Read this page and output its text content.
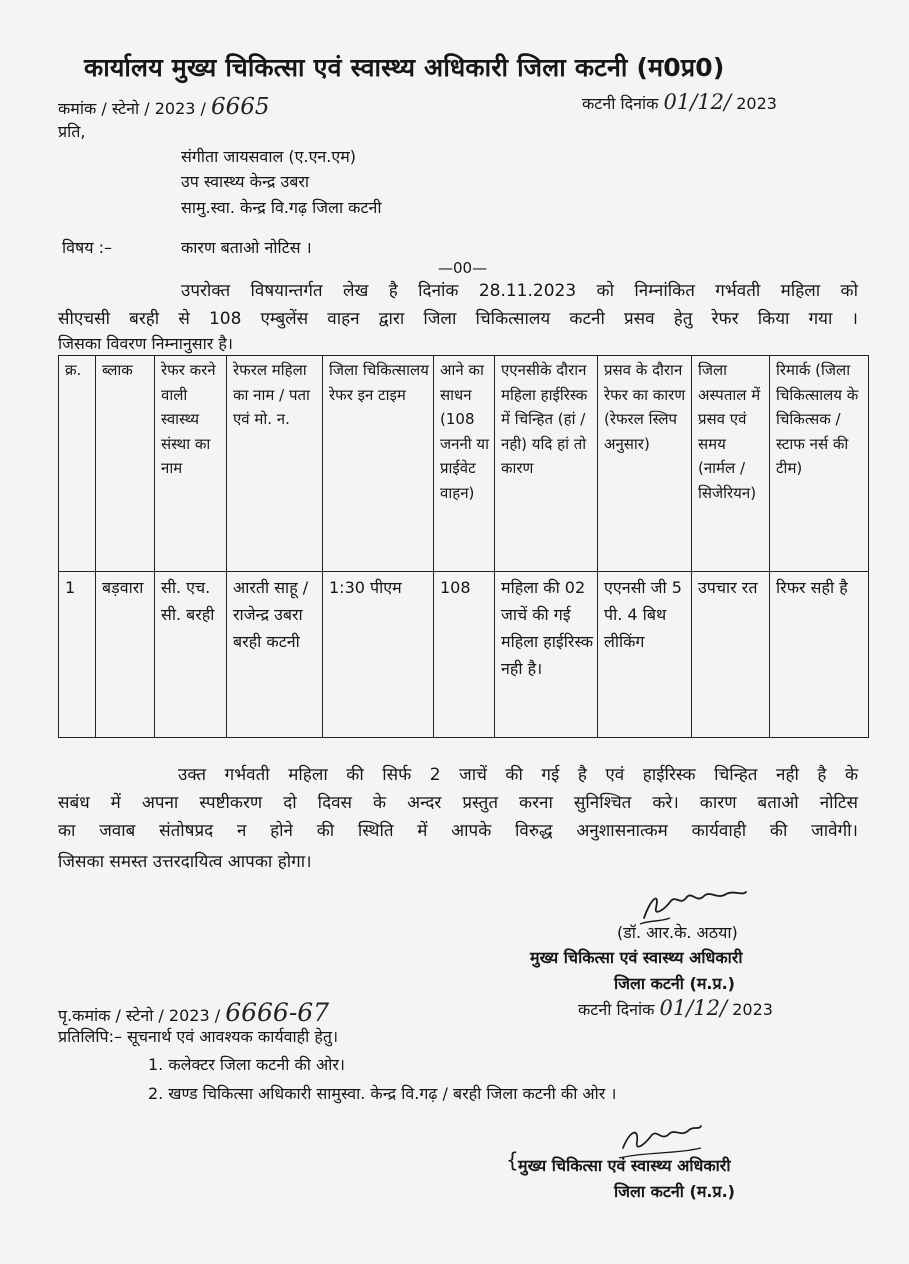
कार्यालय मुख्य चिकित्सा एवं स्वास्थ्य अधिकारी जिला कटनी (म0प्र0)
कमांक / स्टेनो / 2023 / 6665	कटनी दिनांक 01/12/ 2023
प्रति,
संगीता जायसवाल (ए.एन.एम)
उप स्वास्थ्य केन्द्र उबरा
सामु.स्वा. केन्द्र वि.गढ़ जिला कटनी
विषय :–	कारण बताओ नोटिस ।
—00—
उपरोक्त विषयान्तर्गत लेख है दिनांक 28.11.2023 को निम्नांकित गर्भवती महिला को
सीएचसी बरही से 108 एम्बुलेंस वाहन द्वारा जिला चिकित्सालय कटनी प्रसव हेतु रेफर किया गया ।
जिसका विवरण निम्नानुसार है।
क्र.	ब्लाक	रेफर करने वाली स्वास्थ्य संस्था का नाम	रेफरल महिला का नाम / पता एवं मो. न.	जिला चिकित्सालय रेफर इन टाइम	आने का साधन (108 जननी या प्राईवेट वाहन)	एएनसीके दौरान महिला हाईरिस्क में चिन्हित (हां / नही) यदि हां तो कारण	प्रसव के दौरान रेफर का कारण (रेफरल स्लिप अनुसार)	जिला अस्पताल में प्रसव एवं समय (नार्मल / सिजेरियन)	रिमार्क (जिला चिकित्सालय के चिकित्सक / स्टाफ नर्स की टीम)
1	बड़वारा	सी. एच. सी. बरही	आरती साहू / राजेन्द्र उबरा बरही कटनी	1:30 पीएम	108	महिला की 02 जाचें की गई महिला हाईरिस्क नही है।	एएनसी जी 5 पी. 4 बिथ लीकिंग	उपचार रत	रिफर सही है
उक्त गर्भवती महिला की सिर्फ 2 जाचें की गई है एवं हाईरिस्क चिन्हित नही है के
सबंध में अपना स्पष्टीकरण दो दिवस के अन्दर प्रस्तुत करना सुनिश्चित करे। कारण बताओ नोटिस
का जवाब संतोषप्रद न होने की स्थिति में आपके विरुद्ध अनुशासनात्कम कार्यवाही की जावेगी।
जिसका समस्त उत्तरदायित्व आपका होगा।
(डॉ. आर.के. अठया)
मुख्य चिकित्सा एवं स्वास्थ्य अधिकारी
जिला कटनी (म.प्र.)
कटनी दिनांक 01/12/ 2023
पृ.कमांक / स्टेनो / 2023 / 6666-67
प्रतिलिपि:– सूचनार्थ एवं आवश्यक कार्यवाही हेतु।
1. कलेक्टर जिला कटनी की ओर।
2. खण्ड चिकित्सा अधिकारी सामुस्वा. केन्द्र वि.गढ़ / बरही जिला कटनी की ओर ।
{ मुख्य चिकित्सा एवं स्वास्थ्य अधिकारी
जिला कटनी (म.प्र.)
